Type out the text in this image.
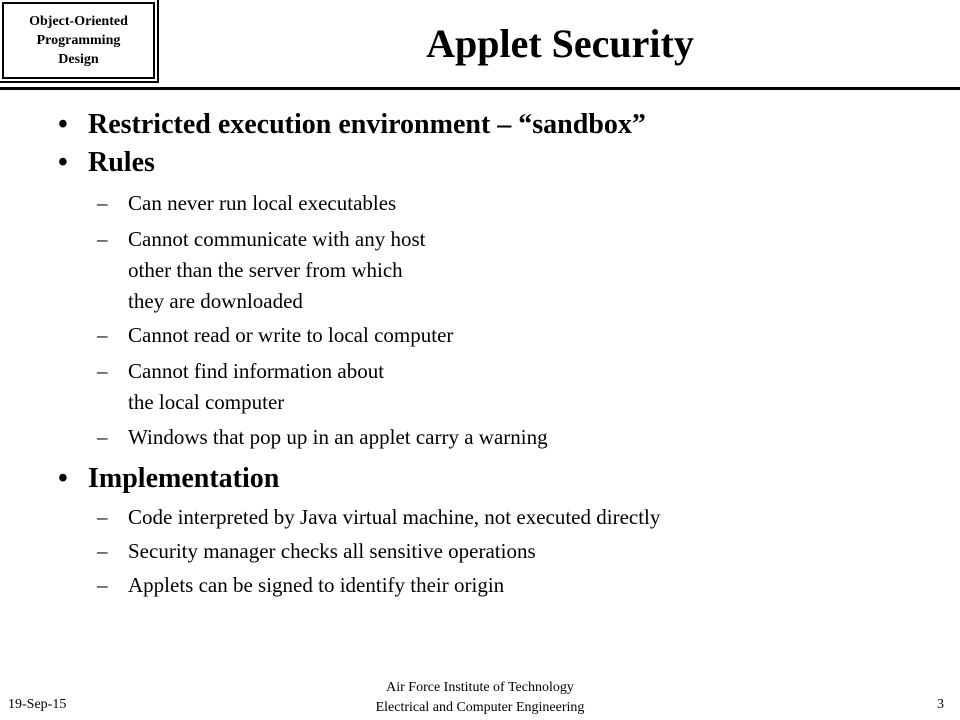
Object-Oriented
Programming
Design	Applet Security
• Restricted execution environment – “sandbox”
• Rules
– Can never run local executables
– Cannot communicate with any host
other than the server from which
they are downloaded
– Cannot read or write to local computer
– Cannot find information about
the local computer
– Windows that pop up in an applet carry a warning
• Implementation
– Code interpreted by Java virtual machine, not executed directly
– Security manager checks all sensitive operations
– Applets can be signed to identify their origin
19-Sep-15
Air Force Institute of Technology
Electrical and Computer Engineering	3
